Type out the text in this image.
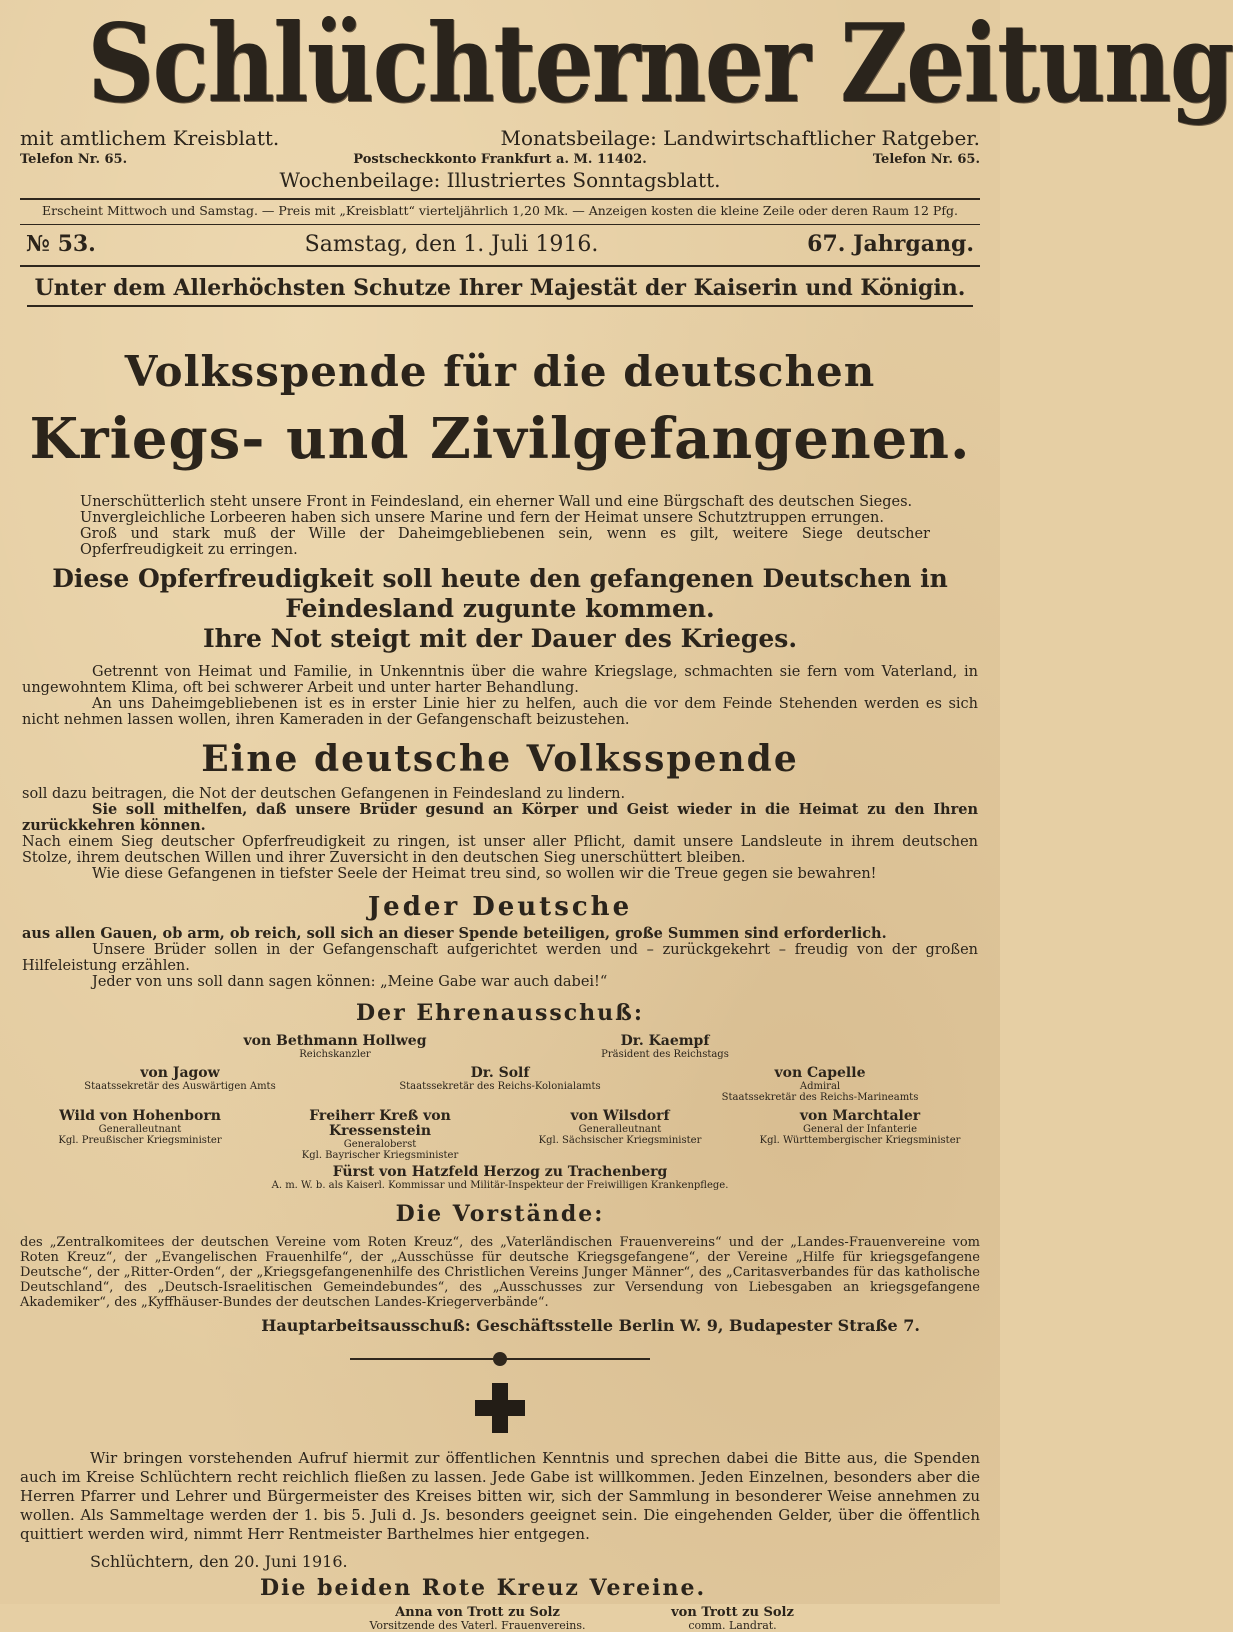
Schlüchterner Zeitung
mit amtlichem Kreisblatt.	Monatsbeilage: Landwirtschaftlicher Ratgeber.
Telefon Nr. 65.	Postscheckkonto Frankfurt a. M. 11402.	Telefon Nr. 65.
Wochenbeilage: Illustriertes Sonntagsblatt.
Erscheint Mittwoch und Samstag. — Preis mit „Kreisblatt“ vierteljährlich 1,20 Mk. — Anzeigen kosten die kleine Zeile oder deren Raum 12 Pfg.
№ 53.	Samstag, den 1. Juli 1916.	67. Jahrgang.
Unter dem Allerhöchsten Schutze Ihrer Majestät der Kaiserin und Königin.
Volksspende für die deutschen
Kriegs- und Zivilgefangenen.

Unerschütterlich steht unsere Front in Feindesland, ein eherner Wall und eine Bürgschaft des deutschen Sieges.

Unvergleichliche Lorbeeren haben sich unsere Marine und fern der Heimat unsere Schutztruppen errungen.

Groß und stark muß der Wille der Daheimgebliebenen sein, wenn es gilt, weitere Siege deutscher Opferfreudigkeit zu erringen.

Diese Opferfreudigkeit soll heute den gefangenen Deutschen in Feindesland zugunte kommen.
Ihre Not steigt mit der Dauer des Krieges.

Getrennt von Heimat und Familie, in Unkenntnis über die wahre Kriegslage, schmachten sie fern vom Vaterland, in ungewohntem Klima, oft bei schwerer Arbeit und unter harter Behandlung.

An uns Daheimgebliebenen ist es in erster Linie hier zu helfen, auch die vor dem Feinde Stehenden werden es sich nicht nehmen lassen wollen, ihren Kameraden in der Gefangenschaft beizustehen.

Eine deutsche Volksspende

soll dazu beitragen, die Not der deutschen Gefangenen in Feindesland zu lindern.

Sie soll mithelfen, daß unsere Brüder gesund an Körper und Geist wieder in die Heimat zu den Ihren zurückkehren können.

Nach einem Sieg deutscher Opferfreudigkeit zu ringen, ist unser aller Pflicht, damit unsere Landsleute in ihrem deutschen Stolze, ihrem deutschen Willen und ihrer Zuversicht in den deutschen Sieg unerschüttert bleiben.

Wie diese Gefangenen in tiefster Seele der Heimat treu sind, so wollen wir die Treue gegen sie bewahren!

Jeder Deutsche

aus allen Gauen, ob arm, ob reich, soll sich an dieser Spende beteiligen, große Summen sind erforderlich.

Unsere Brüder sollen in der Gefangenschaft aufgerichtet werden und – zurückgekehrt – freudig von der großen Hilfeleistung erzählen.

Jeder von uns soll dann sagen können: „Meine Gabe war auch dabei!“

Der Ehrenausschuß:
von Bethmann Hollweg
Reichskanzler
Dr. Kaempf
Präsident des Reichstags
von Jagow
Staatssekretär des Auswärtigen Amts
Dr. Solf
Staatssekretär des Reichs-Kolonialamts
von Capelle
Admiral
Staatssekretär des Reichs-Marineamts
Wild von Hohenborn
Generalleutnant
Kgl. Preußischer Kriegsminister
Freiherr Kreß von Kressenstein
Generaloberst
Kgl. Bayrischer Kriegsminister
von Wilsdorf
Generalleutnant
Kgl. Sächsischer Kriegsminister
von Marchtaler
General der Infanterie
Kgl. Württembergischer Kriegsminister
Fürst von Hatzfeld Herzog zu Trachenberg
A. m. W. b. als Kaiserl. Kommissar und Militär-Inspekteur der Freiwilligen Krankenpflege.
Die Vorstände:
des „Zentralkomitees der deutschen Vereine vom Roten Kreuz“, des „Vaterländischen Frauenvereins“ und der „Landes-Frauenvereine vom Roten Kreuz“, der „Evangelischen Frauenhilfe“, der „Ausschüsse für deutsche Kriegsgefangene“, der Vereine „Hilfe für kriegsgefangene Deutsche“, der „Ritter-Orden“, der „Kriegsgefangenenhilfe des Christlichen Vereins Junger Männer“, des „Caritasverbandes für das katholische Deutschland“, des „Deutsch-Israelitischen Gemeindebundes“, des „Ausschusses zur Versendung von Liebesgaben an kriegsgefangene Akademiker“, des „Kyffhäuser-Bundes der deutschen Landes-Kriegerverbände“.
Hauptarbeitsausschuß: Geschäftsstelle Berlin W. 9, Budapester Straße 7.
Wir bringen vorstehenden Aufruf hiermit zur öffentlichen Kenntnis und sprechen dabei die Bitte aus, die Spenden auch im Kreise Schlüchtern recht reichlich fließen zu lassen. Jede Gabe ist willkommen. Jeden Einzelnen, besonders aber die Herren Pfarrer und Lehrer und Bürgermeister des Kreises bitten wir, sich der Sammlung in besonderer Weise annehmen zu wollen. Als Sammeltage werden der 1. bis 5. Juli d. Js. besonders geeignet sein. Die eingehenden Gelder, über die öffentlich quittiert werden wird, nimmt Herr Rentmeister Barthelmes hier entgegen.
Schlüchtern, den 20. Juni 1916.
Die beiden Rote Kreuz Vereine.
Anna von Trott zu Solz
Vorsitzende des Vaterl. Frauenvereins.
von Trott zu Solz
comm. Landrat.
